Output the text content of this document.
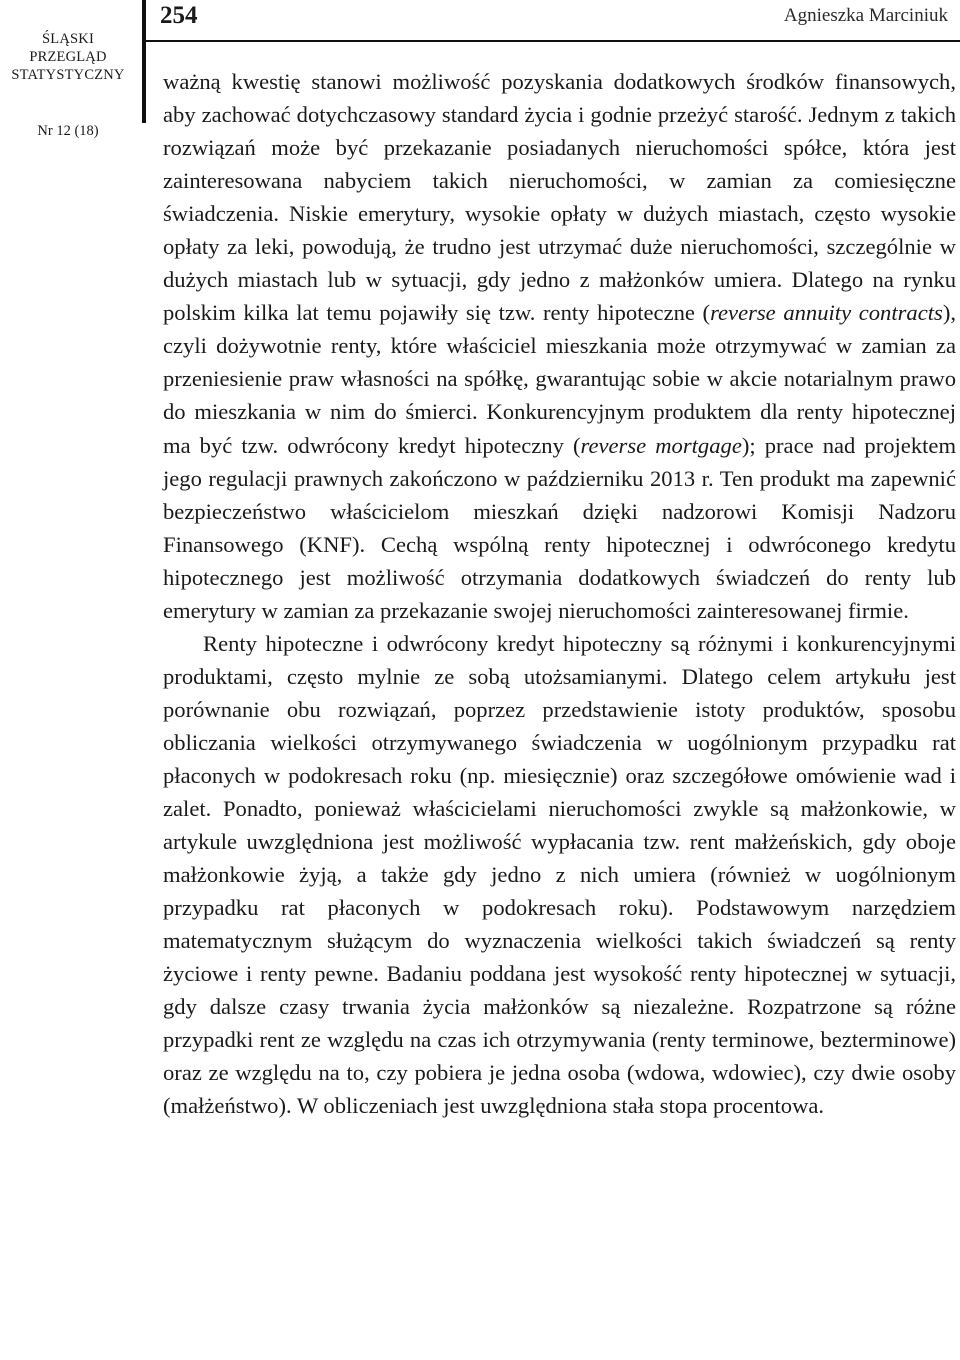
ŚLĄSKI
PRZEGLĄD
STATYSTYCZNY
Nr 12 (18)
254	Agnieszka Marciniuk

ważną kwestię stanowi możliwość pozyskania dodatkowych środków finansowych, aby zachować dotychczasowy standard życia i godnie przeżyć starość. Jednym z takich rozwiązań może być przekazanie posiadanych nieruchomości spółce, która jest zainteresowana nabyciem takich nieruchomości, w zamian za comiesięczne świadczenia. Niskie emerytury, wysokie opłaty w dużych miastach, często wysokie opłaty za leki, powodują, że trudno jest utrzymać duże nieruchomości, szczególnie w dużych miastach lub w sytuacji, gdy jedno z małżonków umiera. Dlatego na rynku polskim kilka lat temu pojawiły się tzw. renty hipoteczne (reverse annuity contracts), czyli dożywotnie renty, które właściciel mieszkania może otrzymywać w zamian za przeniesienie praw własności na spółkę, gwarantując sobie w akcie notarialnym prawo do mieszkania w nim do śmierci. Konkurencyjnym produktem dla renty hipotecznej ma być tzw. odwrócony kredyt hipoteczny (reverse mortgage); prace nad projektem jego regulacji prawnych zakończono w październiku 2013 r. Ten produkt ma zapewnić bezpieczeństwo właścicielom mieszkań dzięki nadzorowi Komisji Nadzoru Finansowego (KNF). Cechą wspólną renty hipotecznej i odwróconego kredytu hipotecznego jest możliwość otrzymania dodatkowych świadczeń do renty lub emerytury w zamian za przekazanie swojej nieruchomości zainteresowanej firmie.

Renty hipoteczne i odwrócony kredyt hipoteczny są różnymi i konkurencyjnymi produktami, często mylnie ze sobą utożsamianymi. Dlatego celem artykułu jest porównanie obu rozwiązań, poprzez przedstawienie istoty produktów, sposobu obliczania wielkości otrzymywanego świadczenia w uogólnionym przypadku rat płaconych w podokresach roku (np. miesięcznie) oraz szczegółowe omówienie wad i zalet. Ponadto, ponieważ właścicielami nieruchomości zwykle są małżonkowie, w artykule uwzględniona jest możliwość wypłacania tzw. rent małżeńskich, gdy oboje małżonkowie żyją, a także gdy jedno z nich umiera (również w uogólnionym przypadku rat płaconych w podokresach roku). Podstawowym narzędziem matematycznym służącym do wyznaczenia wielkości takich świadczeń są renty życiowe i renty pewne. Badaniu poddana jest wysokość renty hipotecznej w sytuacji, gdy dalsze czasy trwania życia małżonków są niezależne. Rozpatrzone są różne przypadki rent ze względu na czas ich otrzymywania (renty terminowe, bezterminowe) oraz ze względu na to, czy pobiera je jedna osoba (wdowa, wdowiec), czy dwie osoby (małżeństwo). W obliczeniach jest uwzględniona stała stopa procentowa.
